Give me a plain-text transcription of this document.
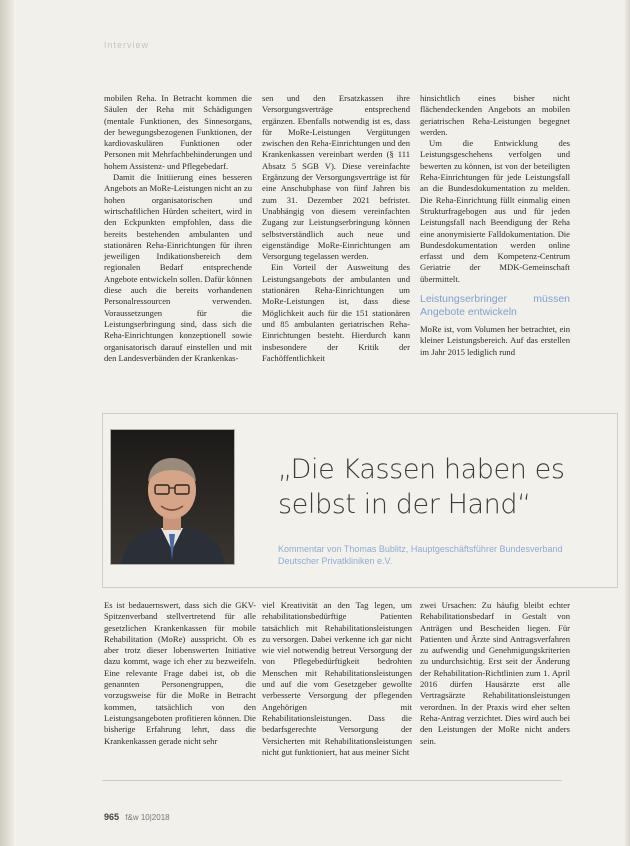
Interview

mobilen Reha. In Betracht kommen die Säulen der Reha mit Schädigungen (mentale Funktionen, des Sinnesorgans, der bewegungsbezogenen Funktionen, der kardiovaskulären Funktionen oder Personen mit Mehrfachbehinderungen und hohem Assistenz- und Pflegebedarf.

Damit die Initiierung eines besseren Angebots an MoRe-Leistungen nicht an zu hohen organisatorischen und wirtschaftlichen Hürden scheitert, wird in den Eckpunkten empfohlen, dass die bereits bestehenden ambulanten und stationären Reha-Einrichtungen für ihren jeweiligen Indikationsbereich dem regionalen Bedarf entsprechende Angebote entwickeln sollen. Dafür können diese auch die bereits vorhandenen Personalressourcen verwenden. Voraussetzungen für die Leistungserbringung sind, dass sich die Reha-Einrichtungen konzeptionell sowie organisatorisch darauf einstellen und mit den Landesverbänden der Krankenkas-

sen und den Ersatzkassen ihre Versorgungsverträge entsprechend ergänzen. Ebenfalls notwendig ist es, dass für MoRe-Leistungen Vergütungen zwischen den Reha-Einrichtungen und den Krankenkassen vereinbart werden (§ 111 Absatz 5 SGB V). Diese vereinfachte Ergänzung der Versorgungsverträge ist für eine Anschubphase von fünf Jahren bis zum 31. Dezember 2021 befristet. Unabhängig von diesem vereinfachten Zugang zur Leistungserbringung können selbstverständlich auch neue und eigenständige MoRe-Einrichtungen am Versorgung tegelassen werden.

Ein Vorteil der Ausweitung des Leistungsangebots der ambulanten und stationären Reha-Einrichtungen um MoRe-Leistungen ist, dass diese Möglichkeit auch für die 151 stationären und 85 ambulanten geriatrischen Reha-Einrichtungen besteht. Hierdurch kann insbesondere der Kritik der Fachöffentlichkeit

hinsichtlich eines bisher nicht flächendeckenden Angebots an mobilen geriatrischen Reha-Leistungen begegnet werden.

Um die Entwicklung des Leistungsgeschehens verfolgen und bewerten zu können, ist von der beteiligten Reha-Einrichtungen für jede Leistungsfall an die Bundesdokumentation zu melden. Die Reha-Einrichtung füllt einmalig einen Strukturfragebogen aus und für jeden Leistungsfall nach Beendigung der Reha eine anonymisierte Falldokumentation. Die Bundesdokumentation werden online erfasst und dem Kompetenz-Centrum Geriatrie der MDK-Gemeinschaft übermittelt.

Leistungserbringer müssen Angebote entwickeln

MoRe ist, vom Volumen her betrachtet, ein kleiner Leistungsbereich. Auf das erstellen im Jahr 2015 lediglich rund

„Die Kassen haben es selbst in der Hand“
Kommentar von Thomas Bublitz, Hauptgeschäftsführer Bundesverband Deutscher Privatkliniken e.V.

Es ist bedauernswert, dass sich die GKV-Spitzenverband stellvertretend für alle gesetzlichen Krankenkassen für mobile Rehabilitation (MoRe) ausspricht. Ob es aber trotz dieser lobenswerten Initiative dazu kommt, wage ich eher zu bezweifeln. Eine relevante Frage dabei ist, ob die genannten Personengruppen, die vorzugsweise für die MoRe in Betracht kommen, tatsächlich von den Leistungsangeboten profitieren können. Die bisherige Erfahrung lehrt, dass die Krankenkassen gerade nicht sehr

viel Kreativität an den Tag legen, um rehabilitationsbedürftige Patienten tatsächlich mit Rehabilitationsleistungen zu versorgen. Dabei verkenne ich gar nicht wie viel notwendig betreut Versorgung der von Pflegebedürftigkeit bedrohten Menschen mit Rehabilitationsleistungen und auf die vom Gesetzgeber gewollte verbesserte Versorgung der pflegenden Angehörigen mit Rehabilitationsleistungen. Dass die bedarfsgerechte Versorgung der Versicherten mit Rehabilitationsleistungen nicht gut funktioniert, hat aus meiner Sicht

zwei Ursachen: Zu häufig bleibt echter Rehabilitationsbedarf in Gestalt von Anträgen und Bescheiden liegen. Für Patienten und Ärzte sind Antragsverfahren zu aufwendig und Genehmigungskriterien zu undurchsichtig. Erst seit der Änderung der Rehabilitation-Richtlinien zum 1. April 2016 dürfen Hausärzte erst alle Vertragsärzte Rehabilitationsleistungen verordnen. In der Praxis wird eher selten Reha-Antrag verzichtet. Dies wird auch bei den Leistungen der MoRe nicht anders sein.

965 f&w 10|2018
